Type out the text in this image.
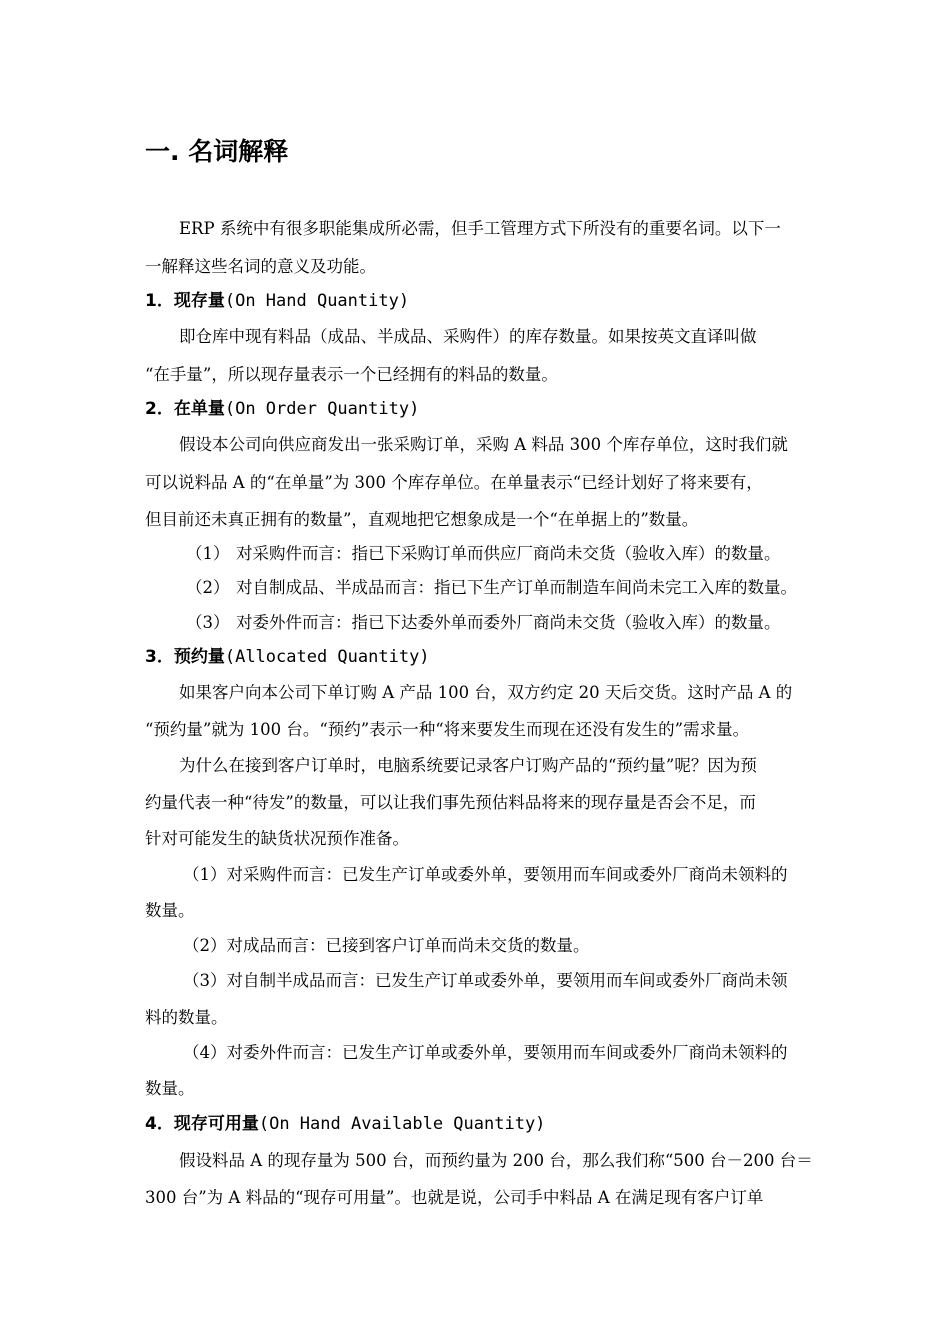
一. 名词解释
ERP 系统中有很多职能集成所必需，但手工管理方式下所没有的重要名词。以下一
一解释这些名词的意义及功能。
1．现存量(On Hand Quantity)
即仓库中现有料品（成品、半成品、采购件）的库存数量。如果按英文直译叫做
“在手量”，所以现存量表示一个已经拥有的料品的数量。
2．在单量(On Order Quantity)
假设本公司向供应商发出一张采购订单，采购 A 料品 300 个库存单位，这时我们就
可以说料品 A 的“在单量”为 300 个库存单位。在单量表示“已经计划好了将来要有，
但目前还未真正拥有的数量”，直观地把它想象成是一个“在单据上的”数量。
（1） 对采购件而言：指已下采购订单而供应厂商尚未交货（验收入库）的数量。
（2） 对自制成品、半成品而言：指已下生产订单而制造车间尚未完工入库的数量。
（3） 对委外件而言：指已下达委外单而委外厂商尚未交货（验收入库）的数量。
3．预约量(Allocated Quantity)
如果客户向本公司下单订购 A 产品 100 台，双方约定 20 天后交货。这时产品 A 的
“预约量”就为 100 台。“预约”表示一种“将来要发生而现在还没有发生的”需求量。
为什么在接到客户订单时，电脑系统要记录客户订购产品的“预约量”呢？因为预
约量代表一种“待发”的数量，可以让我们事先预估料品将来的现存量是否会不足，而
针对可能发生的缺货状况预作准备。
（1）对采购件而言：已发生产订单或委外单，要领用而车间或委外厂商尚未领料的
数量。
（2）对成品而言：已接到客户订单而尚未交货的数量。
（3）对自制半成品而言：已发生产订单或委外单，要领用而车间或委外厂商尚未领
料的数量。
（4）对委外件而言：已发生产订单或委外单，要领用而车间或委外厂商尚未领料的
数量。
4．现存可用量(On Hand Available Quantity)
假设料品 A 的现存量为 500 台，而预约量为 200 台，那么我们称“500 台－200 台＝
300 台”为 A 料品的“现存可用量”。也就是说，公司手中料品 A 在满足现有客户订单
